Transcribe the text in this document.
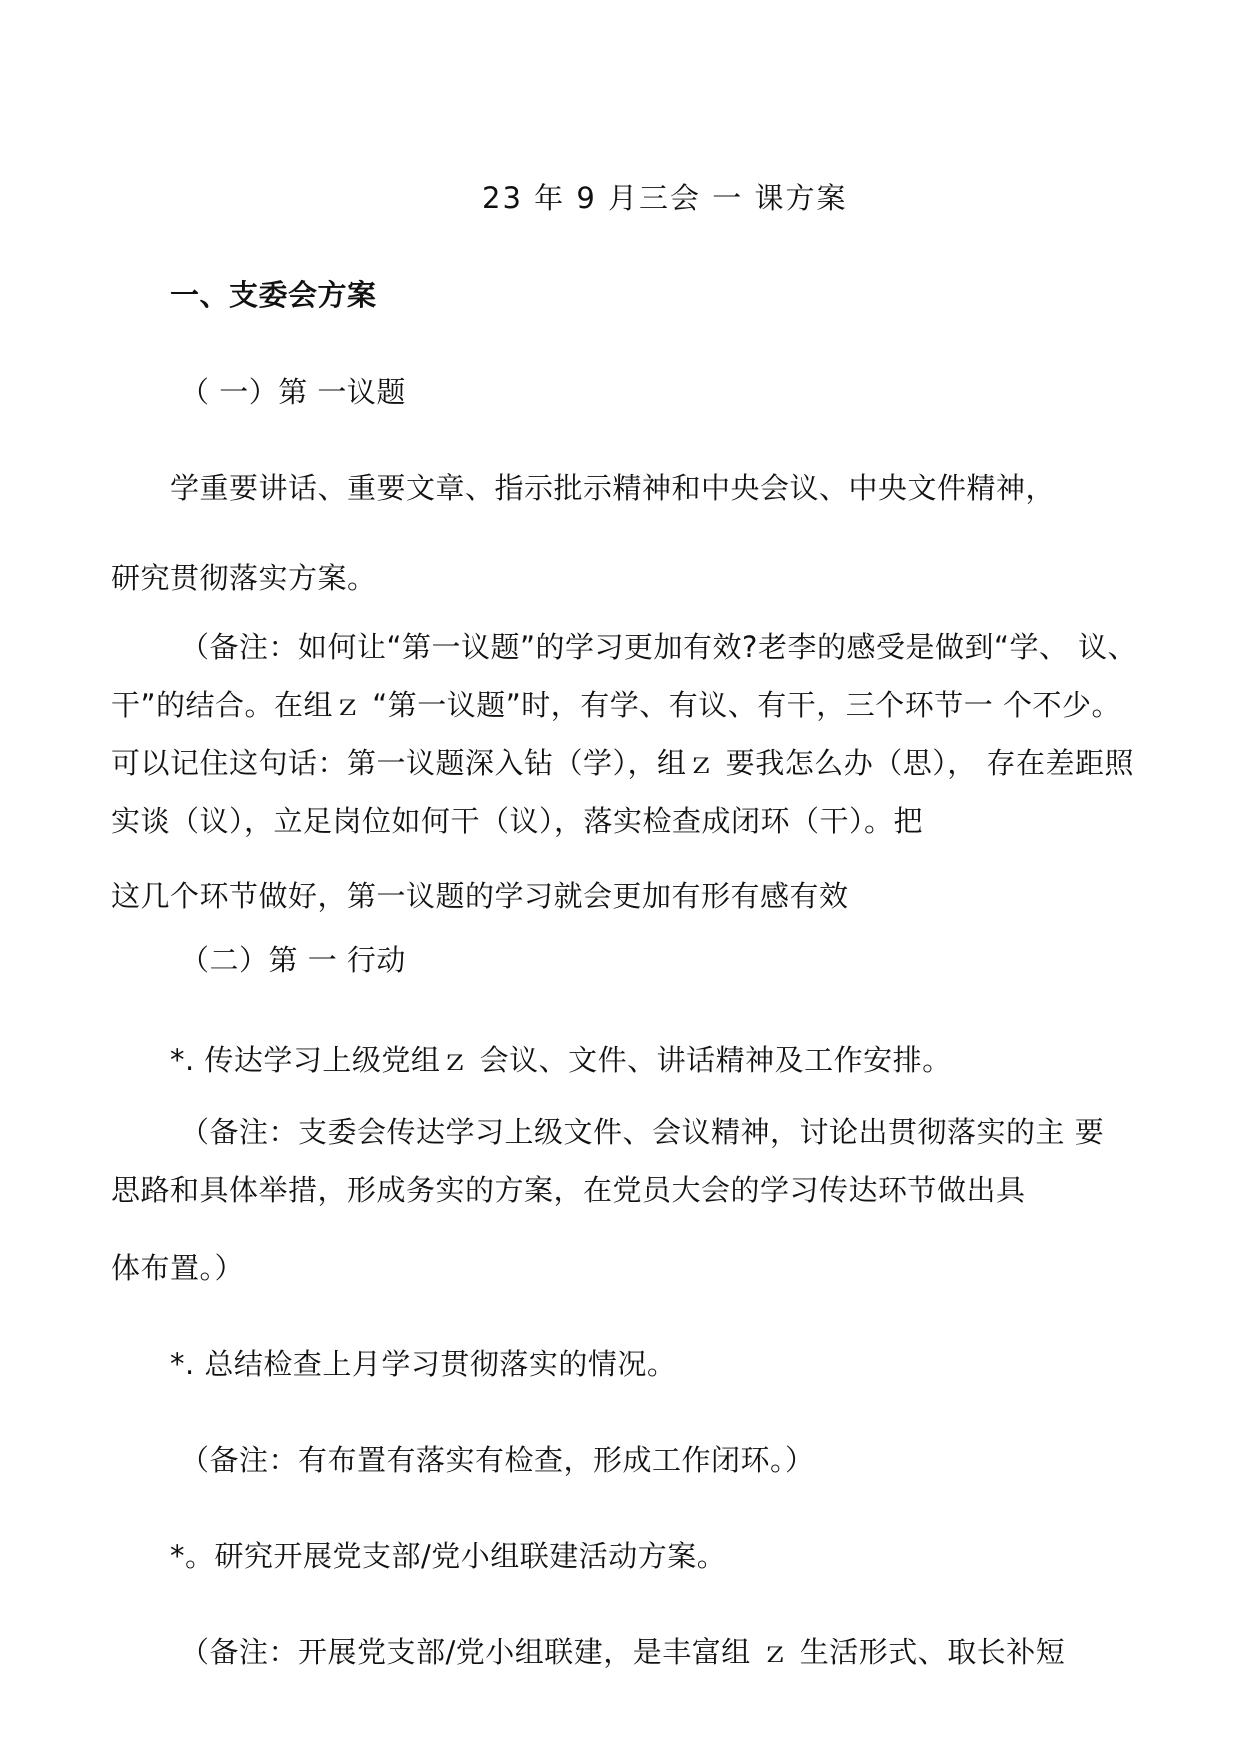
23 年 9 月三会 一 课方案
一、支委会方案
（ 一）第 一议题
学重要讲话、重要文章、指示批示精神和中央会议、中央文件精神，
研究贯彻落实方案。
（备注：如何让“第一议题”的学习更加有效?老李的感受是做到“学、 议、
干”的结合。在组ｚ “第一议题”时，有学、有议、有干，三个环节一 个不少。
可以记住这句话：第一议题深入钻（学），组ｚ 要我怎么办（思）， 存在差距照
实谈（议），立足岗位如何干（议），落实检查成闭环（干）。把
这几个环节做好，第一议题的学习就会更加有形有感有效
（二）第 一 行动
*. 传达学习上级党组ｚ 会议、文件、讲话精神及工作安排。
（备注：支委会传达学习上级文件、会议精神，讨论出贯彻落实的主 要
思路和具体举措，形成务实的方案，在党员大会的学习传达环节做出具
体布置。）
*. 总结检查上月学习贯彻落实的情况。
（备注：有布置有落实有检查，形成工作闭环。）
*。研究开展党支部/党小组联建活动方案。
（备注：开展党支部/党小组联建，是丰富组 ｚ 生活形式、取长补短
